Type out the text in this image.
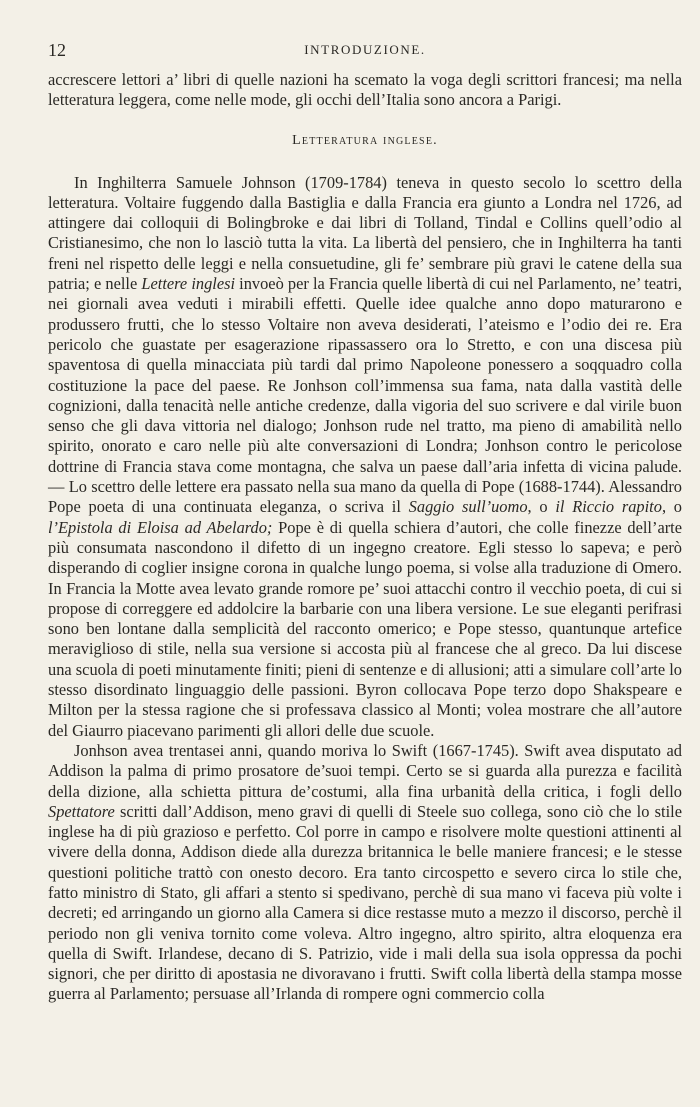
12	INTRODUZIONE.

accrescere lettori a’ libri di quelle nazioni ha scemato la voga degli scrittori francesi; ma nella letteratura leggera, come nelle mode, gli occhi dell’Italia sono ancora a Parigi.

Letteratura inglese.

In Inghilterra Samuele Johnson (1709-1784) teneva in questo secolo lo scettro della letteratura. Voltaire fuggendo dalla Bastiglia e dalla Francia era giunto a Londra nel 1726, ad attingere dai colloquii di Bolingbroke e dai libri di Tolland, Tindal e Collins quell’odio al Cristianesimo, che non lo lasciò tutta la vita. La libertà del pensiero, che in Inghilterra ha tanti freni nel rispetto delle leggi e nella consuetudine, gli fe’ sembrare più gravi le catene della sua patria; e nelle Lettere inglesi invoeò per la Francia quelle libertà di cui nel Parlamento, ne’ teatri, nei giornali avea veduti i mirabili effetti. Quelle idee qualche anno dopo maturarono e produssero frutti, che lo stesso Voltaire non aveva desiderati, l’ateismo e l’odio dei re. Era pericolo che guastate per esagerazione ripassassero ora lo Stretto, e con una discesa più spaventosa di quella minacciata più tardi dal primo Napoleone ponessero a soqquadro colla costituzione la pace del paese. Re Jonhson coll’immensa sua fama, nata dalla vastità delle cognizioni, dalla tenacità nelle antiche credenze, dalla vigoria del suo scrivere e dal virile buon senso che gli dava vittoria nel dialogo; Jonhson rude nel tratto, ma pieno di amabilità nello spirito, onorato e caro nelle più alte conversazioni di Londra; Jonhson contro le pericolose dottrine di Francia stava come montagna, che salva un paese dall’aria infetta di vicina palude. — Lo scettro delle lettere era passato nella sua mano da quella di Pope (1688-1744). Alessandro Pope poeta di una continuata eleganza, o scriva il Saggio sull’uomo, o il Riccio rapito, o l’Epistola di Eloisa ad Abelardo; Pope è di quella schiera d’autori, che colle finezze dell’arte più consumata nascondono il difetto di un ingegno creatore. Egli stesso lo sapeva; e però disperando di coglier insigne corona in qualche lungo poema, si volse alla traduzione di Omero. In Francia la Motte avea levato grande romore pe’ suoi attacchi contro il vecchio poeta, di cui si propose di correggere ed addolcire la barbarie con una libera versione. Le sue eleganti perifrasi sono ben lontane dalla semplicità del racconto omerico; e Pope stesso, quantunque artefice meraviglioso di stile, nella sua versione si accosta più al francese che al greco. Da lui discese una scuola di poeti minutamente finiti; pieni di sentenze e di allusioni; atti a simulare coll’arte lo stesso disordinato linguaggio delle passioni. Byron collocava Pope terzo dopo Shakspeare e Milton per la stessa ragione che si professava classico al Monti; volea mostrare che all’autore del Giaurro piacevano parimenti gli allori delle due scuole.

Jonhson avea trentasei anni, quando moriva lo Swift (1667-1745). Swift avea disputato ad Addison la palma di primo prosatore de’suoi tempi. Certo se si guarda alla purezza e facilità della dizione, alla schietta pittura de’costumi, alla fina urbanità della critica, i fogli dello Spettatore scritti dall’Addison, meno gravi di quelli di Steele suo collega, sono ciò che lo stile inglese ha di più grazioso e perfetto. Col porre in campo e risolvere molte questioni attinenti al vivere della donna, Addison diede alla durezza britannica le belle maniere francesi; e le stesse questioni politiche trattò con onesto decoro. Era tanto circospetto e severo circa lo stile che, fatto ministro di Stato, gli affari a stento si spedivano, perchè di sua mano vi faceva più volte i decreti; ed arringando un giorno alla Camera si dice restasse muto a mezzo il discorso, perchè il periodo non gli veniva tornito come voleva. Altro ingegno, altro spirito, altra eloquenza era quella di Swift. Irlandese, decano di S. Patrizio, vide i mali della sua isola oppressa da pochi signori, che per diritto di apostasia ne divoravano i frutti. Swift colla libertà della stampa mosse guerra al Parlamento; persuase all’Irlanda di rompere ogni commercio colla
